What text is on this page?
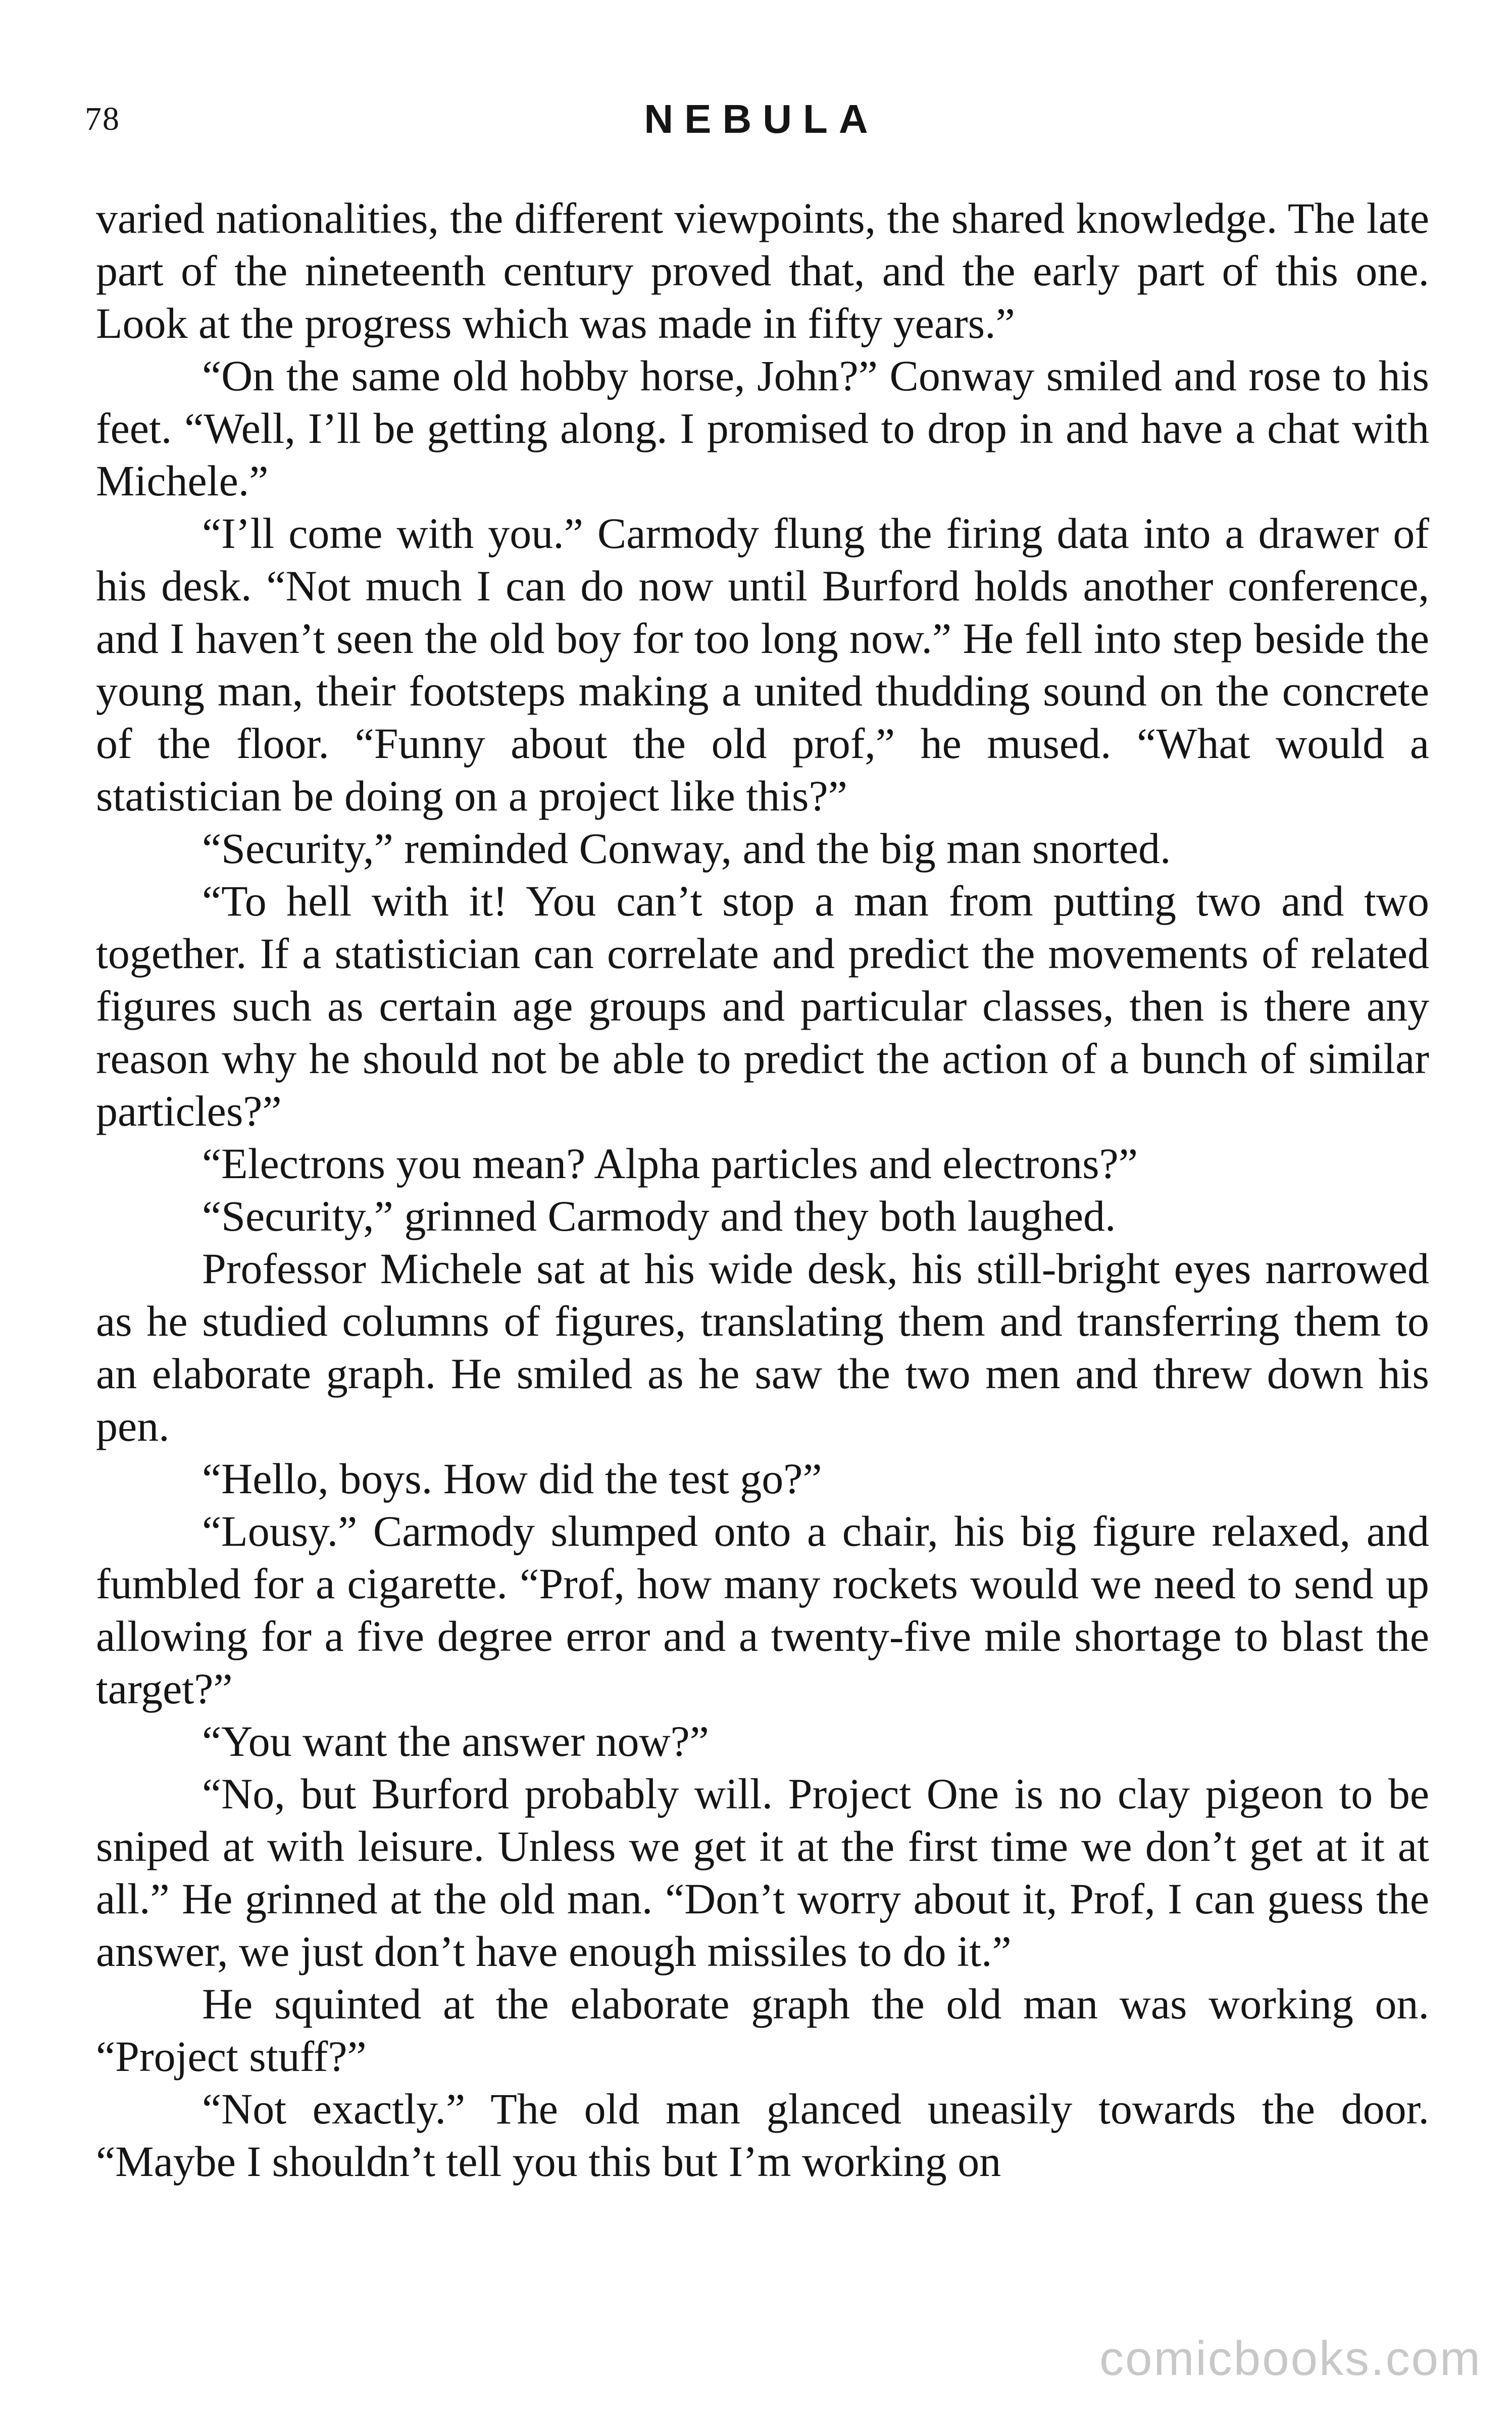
78	NEBULA

varied nationalities, the different viewpoints, the shared knowledge. The late part of the nineteenth century proved that, and the early part of this one. Look at the progress which was made in fifty years.”

“On the same old hobby horse, John?” Conway smiled and rose to his feet. “Well, I’ll be getting along. I promised to drop in and have a chat with Michele.”

“I’ll come with you.” Carmody flung the firing data into a drawer of his desk. “Not much I can do now until Burford holds another conference, and I haven’t seen the old boy for too long now.” He fell into step beside the young man, their footsteps making a united thudding sound on the concrete of the floor. “Funny about the old prof,” he mused. “What would a statistician be doing on a project like this?”

“Security,” reminded Conway, and the big man snorted.

“To hell with it! You can’t stop a man from putting two and two together. If a statistician can correlate and predict the movements of related figures such as certain age groups and particular classes, then is there any reason why he should not be able to predict the action of a bunch of similar particles?”

“Electrons you mean? Alpha particles and electrons?”

“Security,” grinned Carmody and they both laughed.

Professor Michele sat at his wide desk, his still-bright eyes narrowed as he studied columns of figures, translating them and transferring them to an elaborate graph. He smiled as he saw the two men and threw down his pen.

“Hello, boys. How did the test go?”

“Lousy.” Carmody slumped onto a chair, his big figure relaxed, and fumbled for a cigarette. “Prof, how many rockets would we need to send up allowing for a five degree error and a twenty-five mile shortage to blast the target?”

“You want the answer now?”

“No, but Burford probably will. Project One is no clay pigeon to be sniped at with leisure. Unless we get it at the first time we don’t get at it at all.” He grinned at the old man. “Don’t worry about it, Prof, I can guess the answer, we just don’t have enough missiles to do it.”

He squinted at the elaborate graph the old man was working on. “Project stuff?”

“Not exactly.” The old man glanced uneasily towards the door. “Maybe I shouldn’t tell you this but I’m working on

comicbooks.com
